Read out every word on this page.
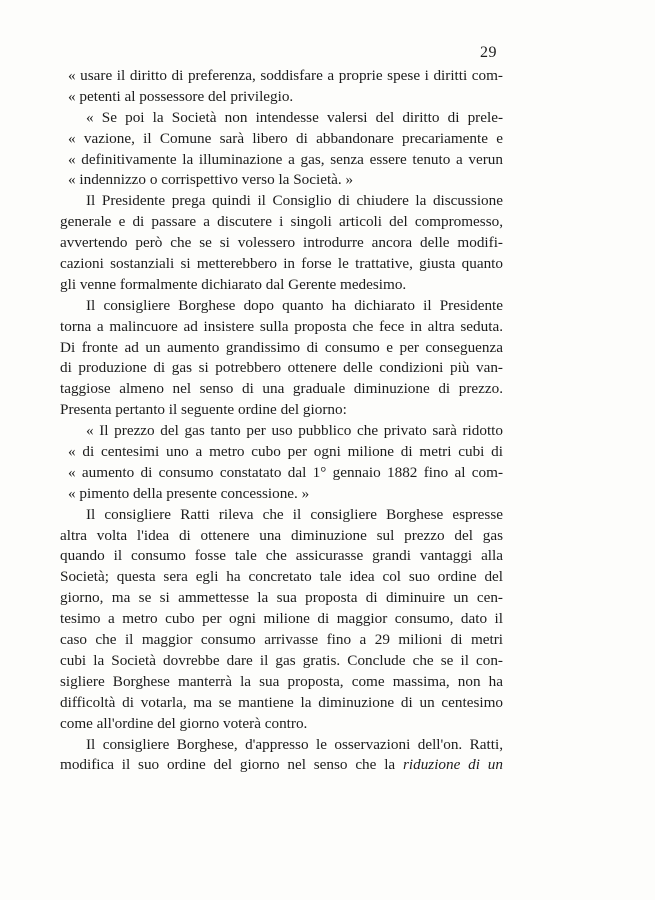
29
« usare il diritto di preferenza, soddisfare a proprie spese i diritti com-
« petenti al possessore del privilegio.
« Se poi la Società non intendesse valersi del diritto di prele-
« vazione, il Comune sarà libero di abbandonare precariamente e
« definitivamente la illuminazione a gas, senza essere tenuto a verun
« indennizzo o corrispettivo verso la Società. »
Il Presidente prega quindi il Consiglio di chiudere la discussione
generale e di passare a discutere i singoli articoli del compromesso,
avvertendo però che se si volessero introdurre ancora delle modifi-
cazioni sostanziali si metterebbero in forse le trattative, giusta quanto
gli venne formalmente dichiarato dal Gerente medesimo.
Il consigliere Borghese dopo quanto ha dichiarato il Presidente
torna a malincuore ad insistere sulla proposta che fece in altra seduta.
Di fronte ad un aumento grandissimo di consumo e per conseguenza
di produzione di gas si potrebbero ottenere delle condizioni più van-
taggiose almeno nel senso di una graduale diminuzione di prezzo.
Presenta pertanto il seguente ordine del giorno:
« Il prezzo del gas tanto per uso pubblico che privato sarà ridotto
« di centesimi uno a metro cubo per ogni milione di metri cubi di
« aumento di consumo constatato dal 1° gennaio 1882 fino al com-
« pimento della presente concessione. »
Il consigliere Ratti rileva che il consigliere Borghese espresse
altra volta l'idea di ottenere una diminuzione sul prezzo del gas
quando il consumo fosse tale che assicurasse grandi vantaggi alla
Società; questa sera egli ha concretato tale idea col suo ordine del
giorno, ma se si ammettesse la sua proposta di diminuire un cen-
tesimo a metro cubo per ogni milione di maggior consumo, dato il
caso che il maggior consumo arrivasse fino a 29 milioni di metri
cubi la Società dovrebbe dare il gas gratis. Conclude che se il con-
sigliere Borghese manterrà la sua proposta, come massima, non ha
difficoltà di votarla, ma se mantiene la diminuzione di un centesimo
come all'ordine del giorno voterà contro.
Il consigliere Borghese, d'appresso le osservazioni dell'on. Ratti,
modifica il suo ordine del giorno nel senso che la riduzione di un
